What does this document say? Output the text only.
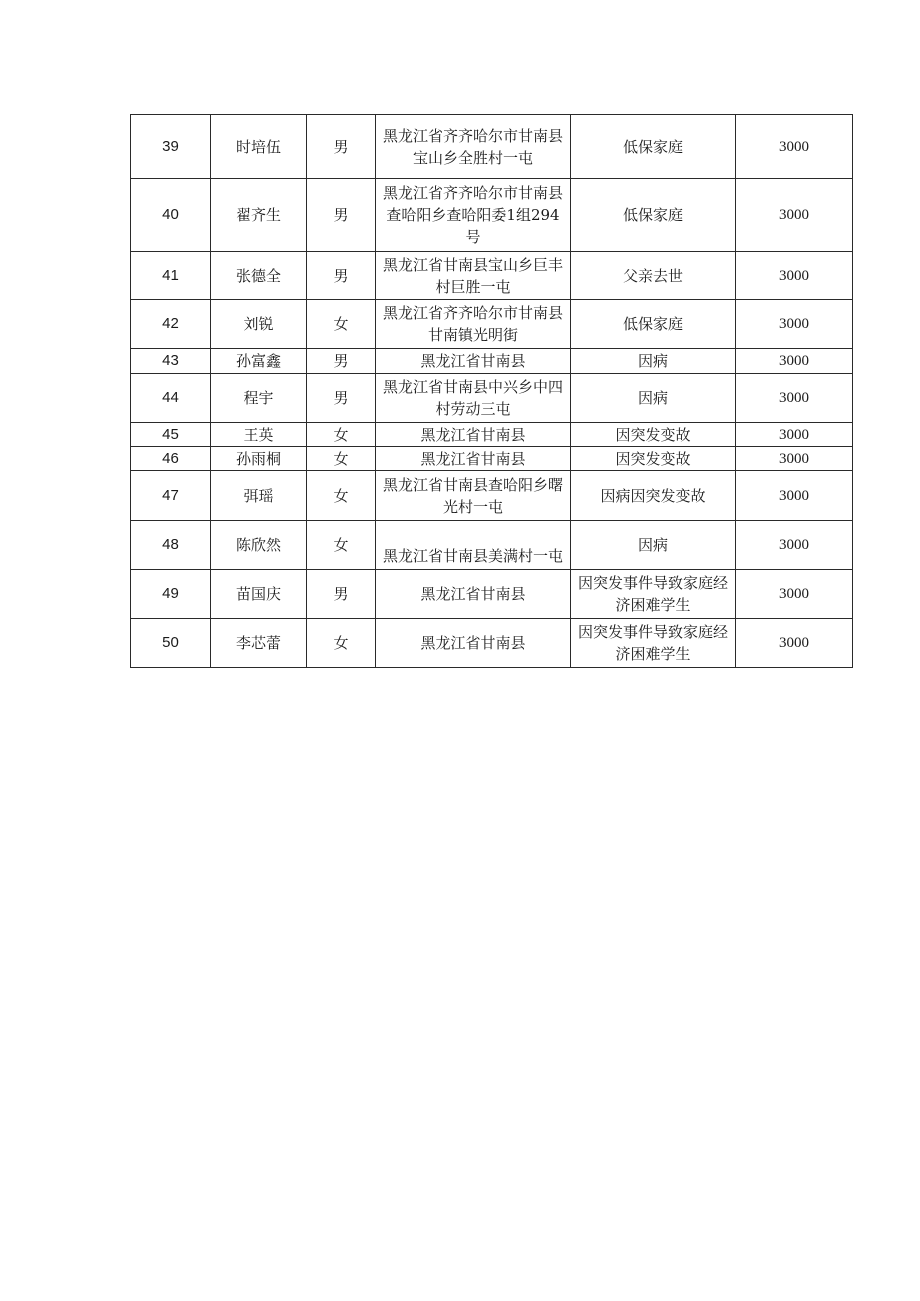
39	时培伍	男	黑龙江省齐齐哈尔市甘南县宝山乡全胜村一屯	低保家庭	3000
40	翟齐生	男	黑龙江省齐齐哈尔市甘南县查哈阳乡查哈阳委1组294号	低保家庭	3000
41	张德全	男	黑龙江省甘南县宝山乡巨丰村巨胜一屯	父亲去世	3000
42	刘锐	女	黑龙江省齐齐哈尔市甘南县甘南镇光明街	低保家庭	3000
43	孙富鑫	男	黑龙江省甘南县	因病	3000
44	程宇	男	黑龙江省甘南县中兴乡中四村劳动三屯	因病	3000
45	王英	女	黑龙江省甘南县	因突发变故	3000
46	孙雨桐	女	黑龙江省甘南县	因突发变故	3000
47	弭瑶	女	黑龙江省甘南县查哈阳乡曙光村一屯	因病因突发变故	3000
48	陈欣然	女	黑龙江省甘南县美满村一屯	因病	3000
49	苗国庆	男	黑龙江省甘南县	因突发事件导致家庭经济困难学生	3000
50	李芯蕾	女	黑龙江省甘南县	因突发事件导致家庭经济困难学生	3000
